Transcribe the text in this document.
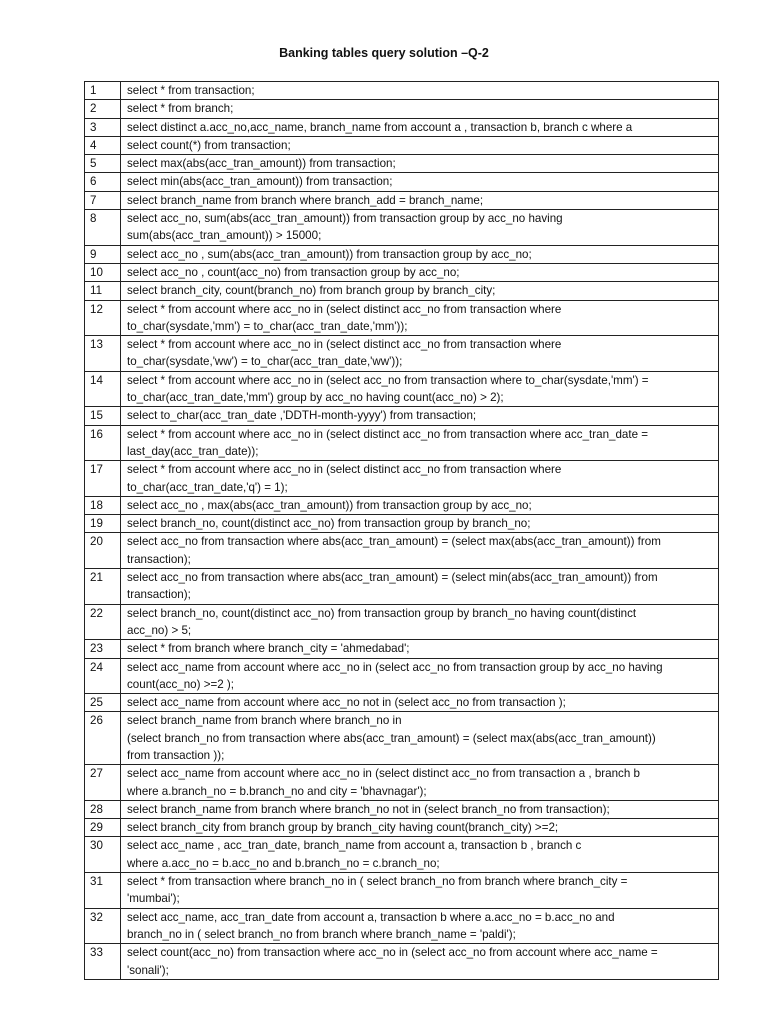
Banking tables query solution –Q-2
1	select * from transaction;
2	select * from branch;
3	select distinct a.acc_no,acc_name, branch_name from account a , transaction b, branch c where a
4	select count(*) from transaction;
5	select max(abs(acc_tran_amount)) from transaction;
6	select min(abs(acc_tran_amount)) from transaction;
7	select branch_name from branch where branch_add = branch_name;
8	select acc_no, sum(abs(acc_tran_amount)) from transaction group by acc_no having
sum(abs(acc_tran_amount)) > 15000;
9	select acc_no , sum(abs(acc_tran_amount)) from transaction group by acc_no;
10	select acc_no , count(acc_no) from transaction group by acc_no;
11	select branch_city, count(branch_no) from branch group by branch_city;
12	select * from account where acc_no in (select distinct acc_no from transaction where
to_char(sysdate,'mm') = to_char(acc_tran_date,'mm'));
13	select * from account where acc_no in (select distinct acc_no from transaction where
to_char(sysdate,'ww') = to_char(acc_tran_date,'ww'));
14	select * from account where acc_no in (select acc_no from transaction where to_char(sysdate,'mm') =
to_char(acc_tran_date,'mm') group by acc_no having count(acc_no) > 2);
15	select to_char(acc_tran_date ,'DDTH-month-yyyy') from transaction;
16	select * from account where acc_no in (select distinct acc_no from transaction where acc_tran_date =
last_day(acc_tran_date));
17	select * from account where acc_no in (select distinct acc_no from transaction where
to_char(acc_tran_date,'q') = 1);
18	select acc_no , max(abs(acc_tran_amount)) from transaction group by acc_no;
19	select branch_no, count(distinct acc_no) from transaction group by branch_no;
20	select acc_no from transaction where abs(acc_tran_amount) = (select max(abs(acc_tran_amount)) from
transaction);
21	select acc_no from transaction where abs(acc_tran_amount) = (select min(abs(acc_tran_amount)) from
transaction);
22	select branch_no, count(distinct acc_no) from transaction group by branch_no having count(distinct
acc_no) > 5;
23	select * from branch where branch_city = 'ahmedabad';
24	select acc_name from account where acc_no in (select acc_no from transaction group by acc_no having
count(acc_no) >=2 );
25	select acc_name from account where acc_no not in (select acc_no from transaction );
26	select branch_name from branch where branch_no in
(select branch_no from transaction where abs(acc_tran_amount) = (select max(abs(acc_tran_amount))
from transaction ));
27	select acc_name from account where acc_no in (select distinct acc_no from transaction a , branch b
where a.branch_no = b.branch_no and city = 'bhavnagar');
28	select branch_name from branch where branch_no not in (select branch_no from transaction);
29	select branch_city from branch group by branch_city having count(branch_city) >=2;
30	select acc_name , acc_tran_date, branch_name from account a, transaction b , branch c
where a.acc_no = b.acc_no and b.branch_no = c.branch_no;
31	select * from transaction where branch_no in ( select branch_no from branch where branch_city =
'mumbai');
32	select acc_name, acc_tran_date from account a, transaction b where a.acc_no = b.acc_no and
branch_no in ( select branch_no from branch where branch_name = 'paldi');
33	select count(acc_no) from transaction where acc_no in (select acc_no from account where acc_name =
'sonali');
